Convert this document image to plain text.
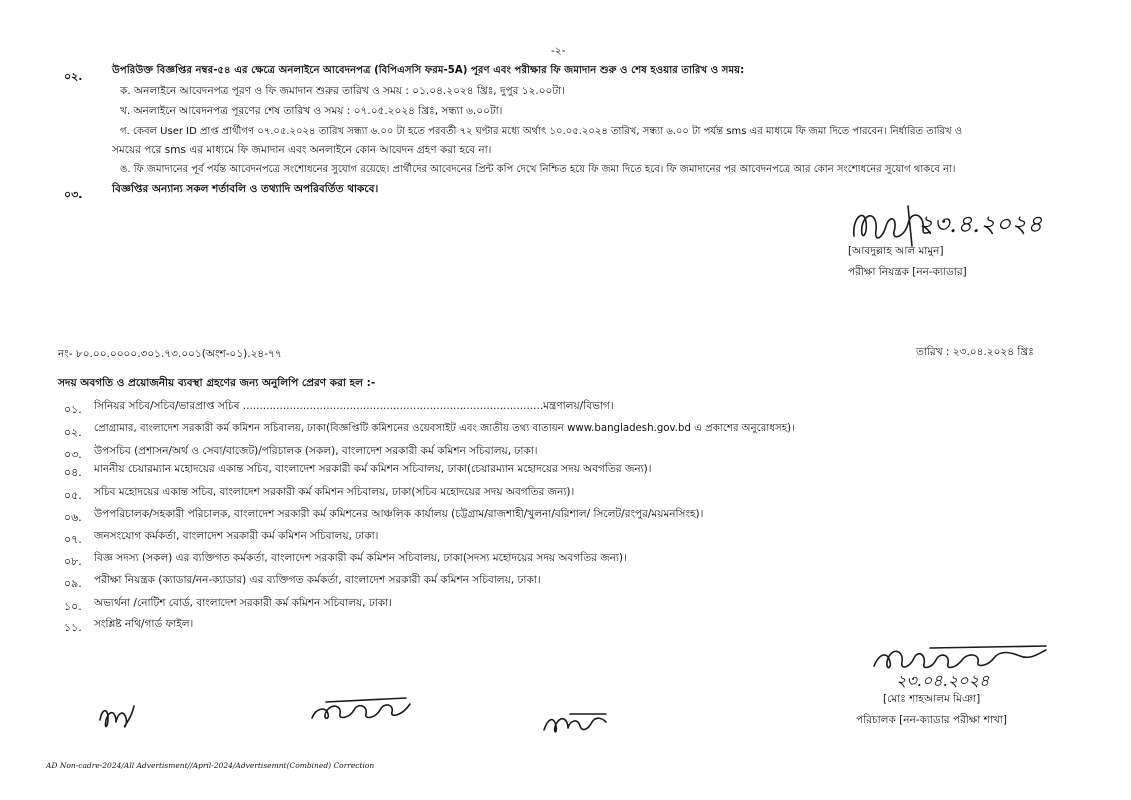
-২-
০২.	উপরিউক্ত বিজ্ঞপ্তির নম্বর-৫৪ এর ক্ষেত্রে অনলাইনে আবেদনপত্র (বিপিএসসি ফরম-5A) পূরণ এবং পরীক্ষার ফি জমাদান শুরু ও শেষ হওয়ার তারিখ ও সময়:
ক. অনলাইনে আবেদনপত্র পূরণ ও ফি জমাদান শুরুর তারিখ ও সময় : ০১.০৪.২০২৪ খ্রিঃ, দুপুর ১২.০০টা।
খ. অনলাইনে আবেদনপত্র পূরণের শেষ তারিখ ও সময় : ০৭.০৫.২০২৪ খ্রিঃ, সন্ধ্যা ৬.০০টা।
গ. কেবল User ID প্রাপ্ত প্রার্থীগণ ০৭.০৫.২০২৪ তারিখ সন্ধ্যা ৬.০০ টা হতে পরবর্তী ৭২ ঘণ্টার মধ্যে অর্থাৎ ১০.০৫.২০২৪ তারিখ, সন্ধ্যা ৬.০০ টা পর্যন্ত sms এর মাধ্যমে ফি জমা দিতে পারবেন। নির্ধারিত তারিখ ও
সময়ের পরে sms এর মাধ্যমে ফি জমাদান এবং অনলাইনে কোন আবেদন গ্রহণ করা হবে না।
ঙ. ফি জমাদানের পূর্ব পর্যন্ত আবেদনপত্রে সংশোধনের সুযোগ রয়েছে। প্রার্থীদের আবেদনের প্রিন্ট কপি দেখে নিশ্চিত হয়ে ফি জমা দিতে হবে। ফি জমাদানের পর আবেদনপত্রে আর কোন সংশোধনের সুযোগ থাকবে না।
০৩.	বিজ্ঞপ্তির অন্যান্য সকল শর্তাবলি ও তথ্যাদি অপরিবর্তিত থাকবে।
২৩.৪.২০২৪
[আবদুল্লাহ আল মামুন]
পরীক্ষা নিয়ন্ত্রক [নন-ক্যাডার]
নং- ৮০.০০.০০০০.৩০১.৭৩.০০১(অংশ-০১).২৪-৭৭	তারিখ : ২৩.০৪.২০২৪ খ্রিঃ
সদয় অবগতি ও প্রয়োজনীয় ব্যবস্থা গ্রহণের জন্য অনুলিপি প্রেরণ করা হল :-
০১. সিনিয়র সচিব/সচিব/ভারপ্রাপ্ত সচিব ..........................................................................................মন্ত্রণালয়/বিভাগ।
০২. প্রোগ্রামার, বাংলাদেশ সরকারী কর্ম কমিশন সচিবালয়, ঢাকা(বিজ্ঞপ্তিটি কমিশনের ওয়েবসাইট এবং জাতীয় তথ্য বাতায়ন www.bangladesh.gov.bd এ প্রকাশের অনুরোধসহ)।
০৩. উপসচিব (প্রশাসন/অর্থ ও সেবা/বাজেট)/পরিচালক (সকল), বাংলাদেশ সরকারী কর্ম কমিশন সচিবালয়, ঢাকা।
০৪. মাননীয় চেয়ারম্যান মহোদয়ের একান্ত সচিব, বাংলাদেশ সরকারী কর্ম কমিশন সচিবালয়, ঢাকা(চেয়ারম্যান মহোদয়ের সদয় অবগতির জন্য)।
০৫. সচিব মহোদয়ের একান্ত সচিব, বাংলাদেশ সরকারী কর্ম কমিশন সচিবালয়, ঢাকা(সচিব মহোদয়ের সদয় অবগতির জন্য)।
০৬. উপপরিচালক/সহকারী পরিচালক, বাংলাদেশ সরকারী কর্ম কমিশনের আঞ্চলিক কার্যালয় (চট্টগ্রাম/রাজশাহী/খুলনা/বরিশাল/ সিলেট/রংপুর/ময়মনসিংহ)।
০৭. জনসংযোগ কর্মকর্তা, বাংলাদেশ সরকারী কর্ম কমিশন সচিবালয়, ঢাকা।
০৮. বিজ্ঞ সদস্য (সকল) এর ব্যক্তিগত কর্মকর্তা, বাংলাদেশ সরকারী কর্ম কমিশন সচিবালয়, ঢাকা(সদস্য মহোদয়ের সদয় অবগতির জন্য)।
০৯. পরীক্ষা নিয়ন্ত্রক (ক্যাডার/নন-ক্যাডার) এর ব্যক্তিগত কর্মকর্তা, বাংলাদেশ সরকারী কর্ম কমিশন সচিবালয়, ঢাকা।
১০. অভ্যর্থনা /নোটিশ বোর্ড, বাংলাদেশ সরকারী কর্ম কমিশন সচিবালয়, ঢাকা।
১১. সংশ্লিষ্ট নথি/গার্ড ফাইল।
২৩.০৪.২০২৪
[মোঃ শাহআলম মিঞা]
পরিচালক [নন-ক্যাডার পরীক্ষা শাখা]
AD Non-cadre-2024/All Advertisment//April-2024/Advertisemnt(Combined) Correction
